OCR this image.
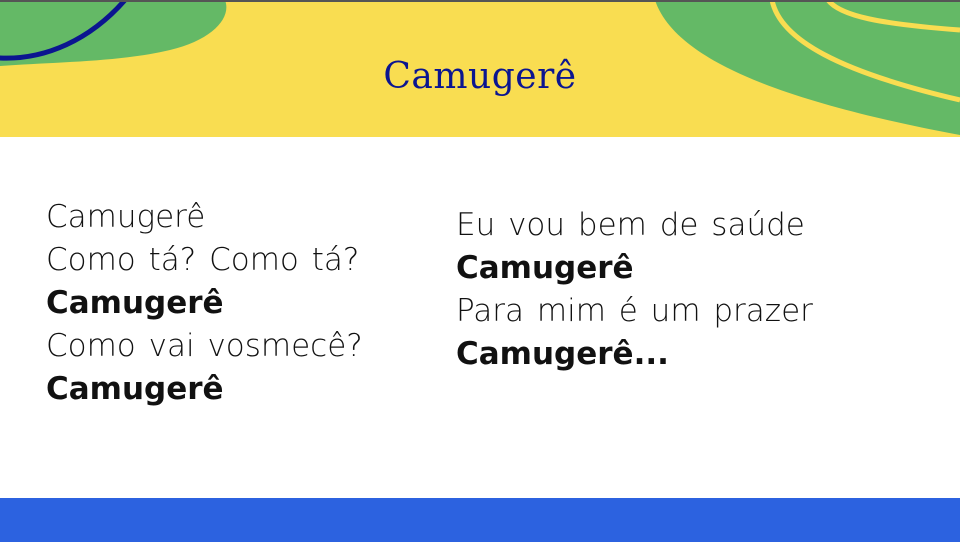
Camugerê
Camugerê
Como tá? Como tá?
Camugerê
Como vai vosmecê?
Camugerê
Eu vou bem de saúde
Camugerê
Para mim é um prazer
Camugerê...
